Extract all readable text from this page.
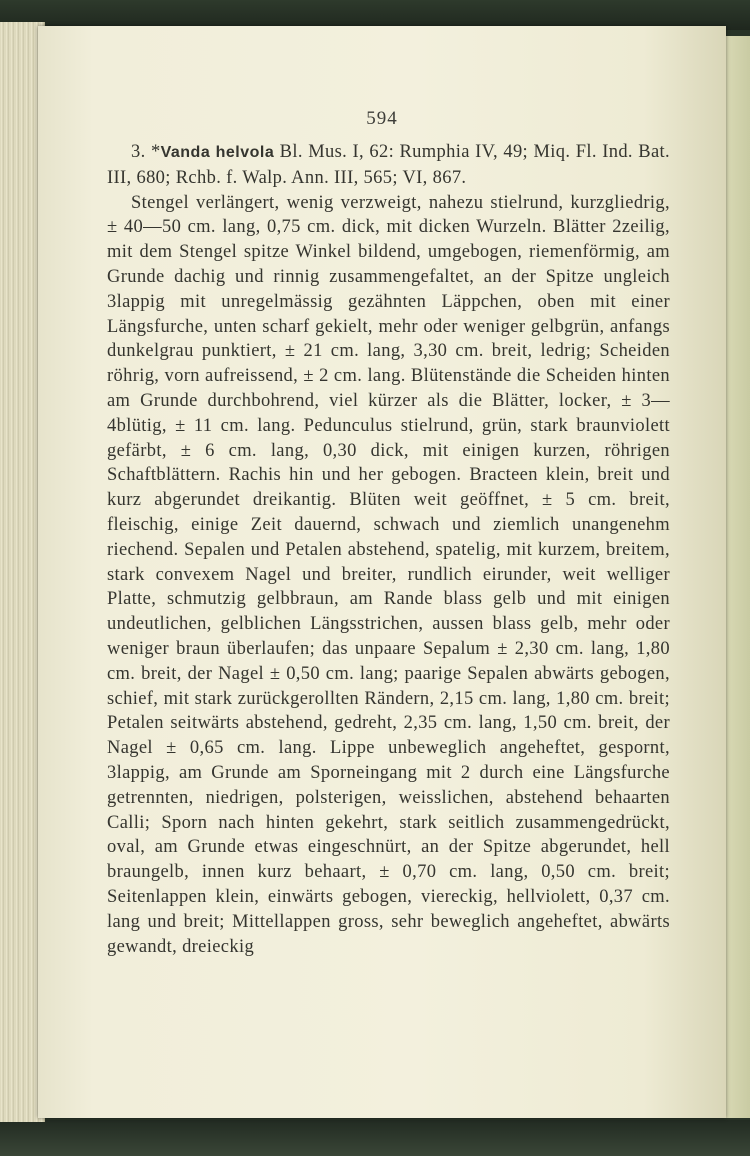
594

3. *Vanda helvola Bl. Mus. I, 62: Rumphia IV, 49; Miq. Fl. Ind. Bat. III, 680; Rchb. f. Walp. Ann. III, 565; VI, 867.

Stengel verlängert, wenig verzweigt, nahezu stielrund, kurzgliedrig, ± 40—50 cm. lang, 0,75 cm. dick, mit dicken Wurzeln. Blätter 2zeilig, mit dem Stengel spitze Winkel bildend, umgebogen, riemenförmig, am Grunde dachig und rinnig zusammengefaltet, an der Spitze ungleich 3lappig mit unregelmässig gezähnten Läppchen, oben mit einer Längsfurche, unten scharf gekielt, mehr oder weniger gelbgrün, anfangs dunkelgrau punktiert, ± 21 cm. lang, 3,30 cm. breit, ledrig; Scheiden röhrig, vorn aufreissend, ± 2 cm. lang. Blütenstände die Scheiden hinten am Grunde durchbohrend, viel kürzer als die Blätter, locker, ± 3—4blütig, ± 11 cm. lang. Pedunculus stielrund, grün, stark braunviolett gefärbt, ± 6 cm. lang, 0,30 dick, mit einigen kurzen, röhrigen Schaftblättern. Rachis hin und her gebogen. Bracteen klein, breit und kurz abgerundet dreikantig. Blüten weit geöffnet, ± 5 cm. breit, fleischig, einige Zeit dauernd, schwach und ziemlich unangenehm riechend. Sepalen und Petalen abstehend, spatelig, mit kurzem, breitem, stark convexem Nagel und breiter, rundlich eirunder, weit welliger Platte, schmutzig gelbbraun, am Rande blass gelb und mit einigen undeutlichen, gelblichen Längsstrichen, aussen blass gelb, mehr oder weniger braun überlaufen; das unpaare Sepalum ± 2,30 cm. lang, 1,80 cm. breit, der Nagel ± 0,50 cm. lang; paarige Sepalen abwärts gebogen, schief, mit stark zurückgerollten Rändern, 2,15 cm. lang, 1,80 cm. breit; Petalen seitwärts abstehend, gedreht, 2,35 cm. lang, 1,50 cm. breit, der Nagel ± 0,65 cm. lang. Lippe unbeweglich angeheftet, gespornt, 3lappig, am Grunde am Sporneingang mit 2 durch eine Längsfurche getrennten, niedrigen, polsterigen, weisslichen, abstehend behaarten Calli; Sporn nach hinten gekehrt, stark seitlich zusammengedrückt, oval, am Grunde etwas eingeschnürt, an der Spitze abgerundet, hell braungelb, innen kurz behaart, ± 0,70 cm. lang, 0,50 cm. breit; Seitenlappen klein, einwärts gebogen, viereckig, hellviolett, 0,37 cm. lang und breit; Mittellappen gross, sehr beweglich angeheftet, abwärts gewandt, dreieckig
